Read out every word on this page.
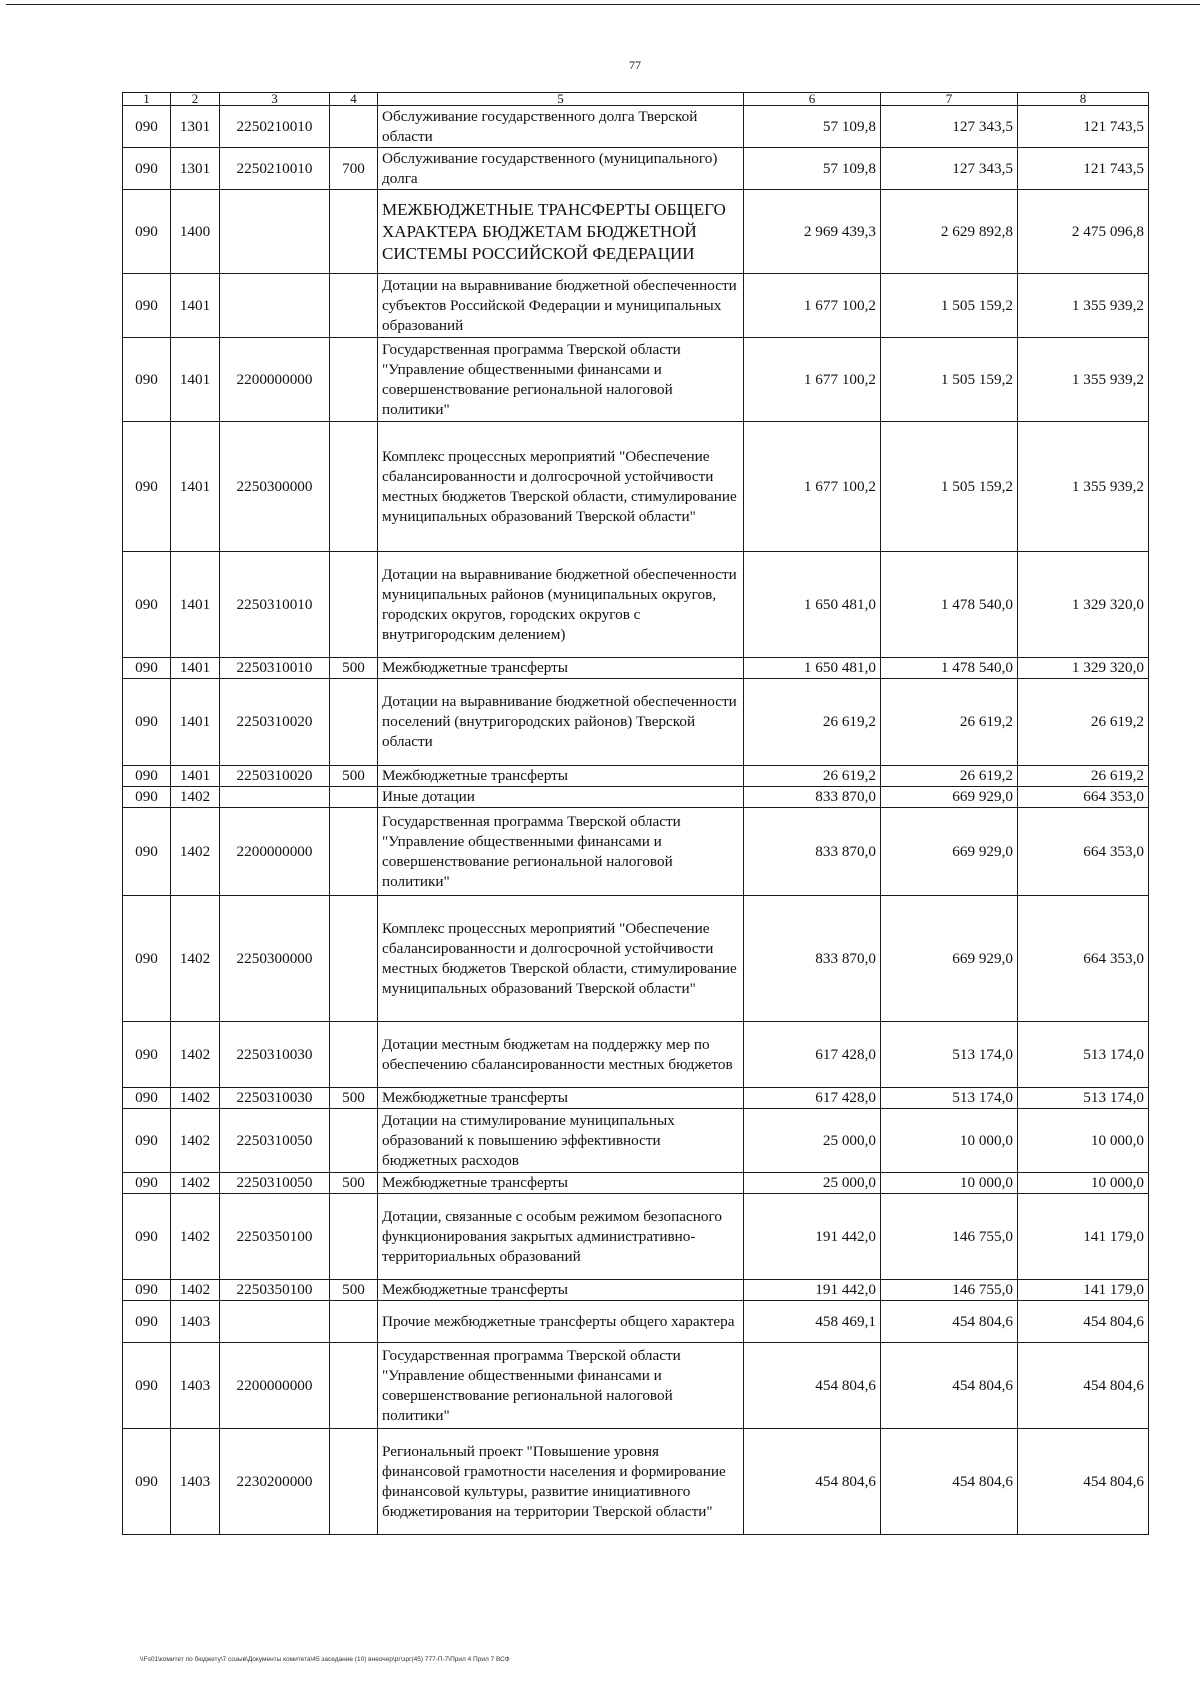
77
1	2	3	4	5	6	7	8
090	1301	2250210010		Обслуживание государственного долга Тверской области	57 109,8	127 343,5	121 743,5
090	1301	2250210010	700	Обслуживание государственного (муниципального) долга	57 109,8	127 343,5	121 743,5
090	1400			МЕЖБЮДЖЕТНЫЕ ТРАНСФЕРТЫ ОБЩЕГО ХАРАКТЕРА БЮДЖЕТАМ БЮДЖЕТНОЙ СИСТЕМЫ РОССИЙСКОЙ ФЕДЕРАЦИИ	2 969 439,3	2 629 892,8	2 475 096,8
090	1401			Дотации на выравнивание бюджетной обеспеченности субъектов Российской Федерации и муниципальных образований	1 677 100,2	1 505 159,2	1 355 939,2
090	1401	2200000000		Государственная программа Тверской области "Управление общественными финансами и совершенствование региональной налоговой политики"	1 677 100,2	1 505 159,2	1 355 939,2
090	1401	2250300000		Комплекс процессных мероприятий "Обеспечение сбалансированности и долгосрочной устойчивости местных бюджетов Тверской области, стимулирование муниципальных образований Тверской области"	1 677 100,2	1 505 159,2	1 355 939,2
090	1401	2250310010		Дотации на выравнивание бюджетной обеспеченности муниципальных районов (муниципальных округов, городских округов, городских округов с внутригородским делением)	1 650 481,0	1 478 540,0	1 329 320,0
090	1401	2250310010	500	Межбюджетные трансферты	1 650 481,0	1 478 540,0	1 329 320,0
090	1401	2250310020		Дотации на выравнивание бюджетной обеспеченности поселений (внутригородских районов) Тверской области	26 619,2	26 619,2	26 619,2
090	1401	2250310020	500	Межбюджетные трансферты	26 619,2	26 619,2	26 619,2
090	1402			Иные дотации	833 870,0	669 929,0	664 353,0
090	1402	2200000000		Государственная программа Тверской области "Управление общественными финансами и совершенствование региональной налоговой политики"	833 870,0	669 929,0	664 353,0
090	1402	2250300000		Комплекс процессных мероприятий "Обеспечение сбалансированности и долгосрочной устойчивости местных бюджетов Тверской области, стимулирование муниципальных образований Тверской области"	833 870,0	669 929,0	664 353,0
090	1402	2250310030		Дотации местным бюджетам на поддержку мер по обеспечению сбалансированности местных бюджетов	617 428,0	513 174,0	513 174,0
090	1402	2250310030	500	Межбюджетные трансферты	617 428,0	513 174,0	513 174,0
090	1402	2250310050		Дотации на стимулирование муниципальных образований к повышению эффективности бюджетных расходов	25 000,0	10 000,0	10 000,0
090	1402	2250310050	500	Межбюджетные трансферты	25 000,0	10 000,0	10 000,0
090	1402	2250350100		Дотации, связанные с особым режимом безопасного функционирования закрытых административно-территориальных образований	191 442,0	146 755,0	141 179,0
090	1402	2250350100	500	Межбюджетные трансферты	191 442,0	146 755,0	141 179,0
090	1403			Прочие межбюджетные трансферты общего характера	458 469,1	454 804,6	454 804,6
090	1403	2200000000		Государственная программа Тверской области "Управление общественными финансами и совершенствование региональной налоговой политики"	454 804,6	454 804,6	454 804,6
090	1403	2230200000		Региональный проект "Повышение уровня финансовой грамотности населения и формирование финансовой культуры, развитие инициативного бюджетирования на территории Тверской области"	454 804,6	454 804,6	454 804,6
\\Fs01\комитет по бюджету\7 созыв\Документы комитета\45 заседание (10) внеочер\рг\зрг(45) 777-П-7\Прил 4 Прил 7 ВСФ
